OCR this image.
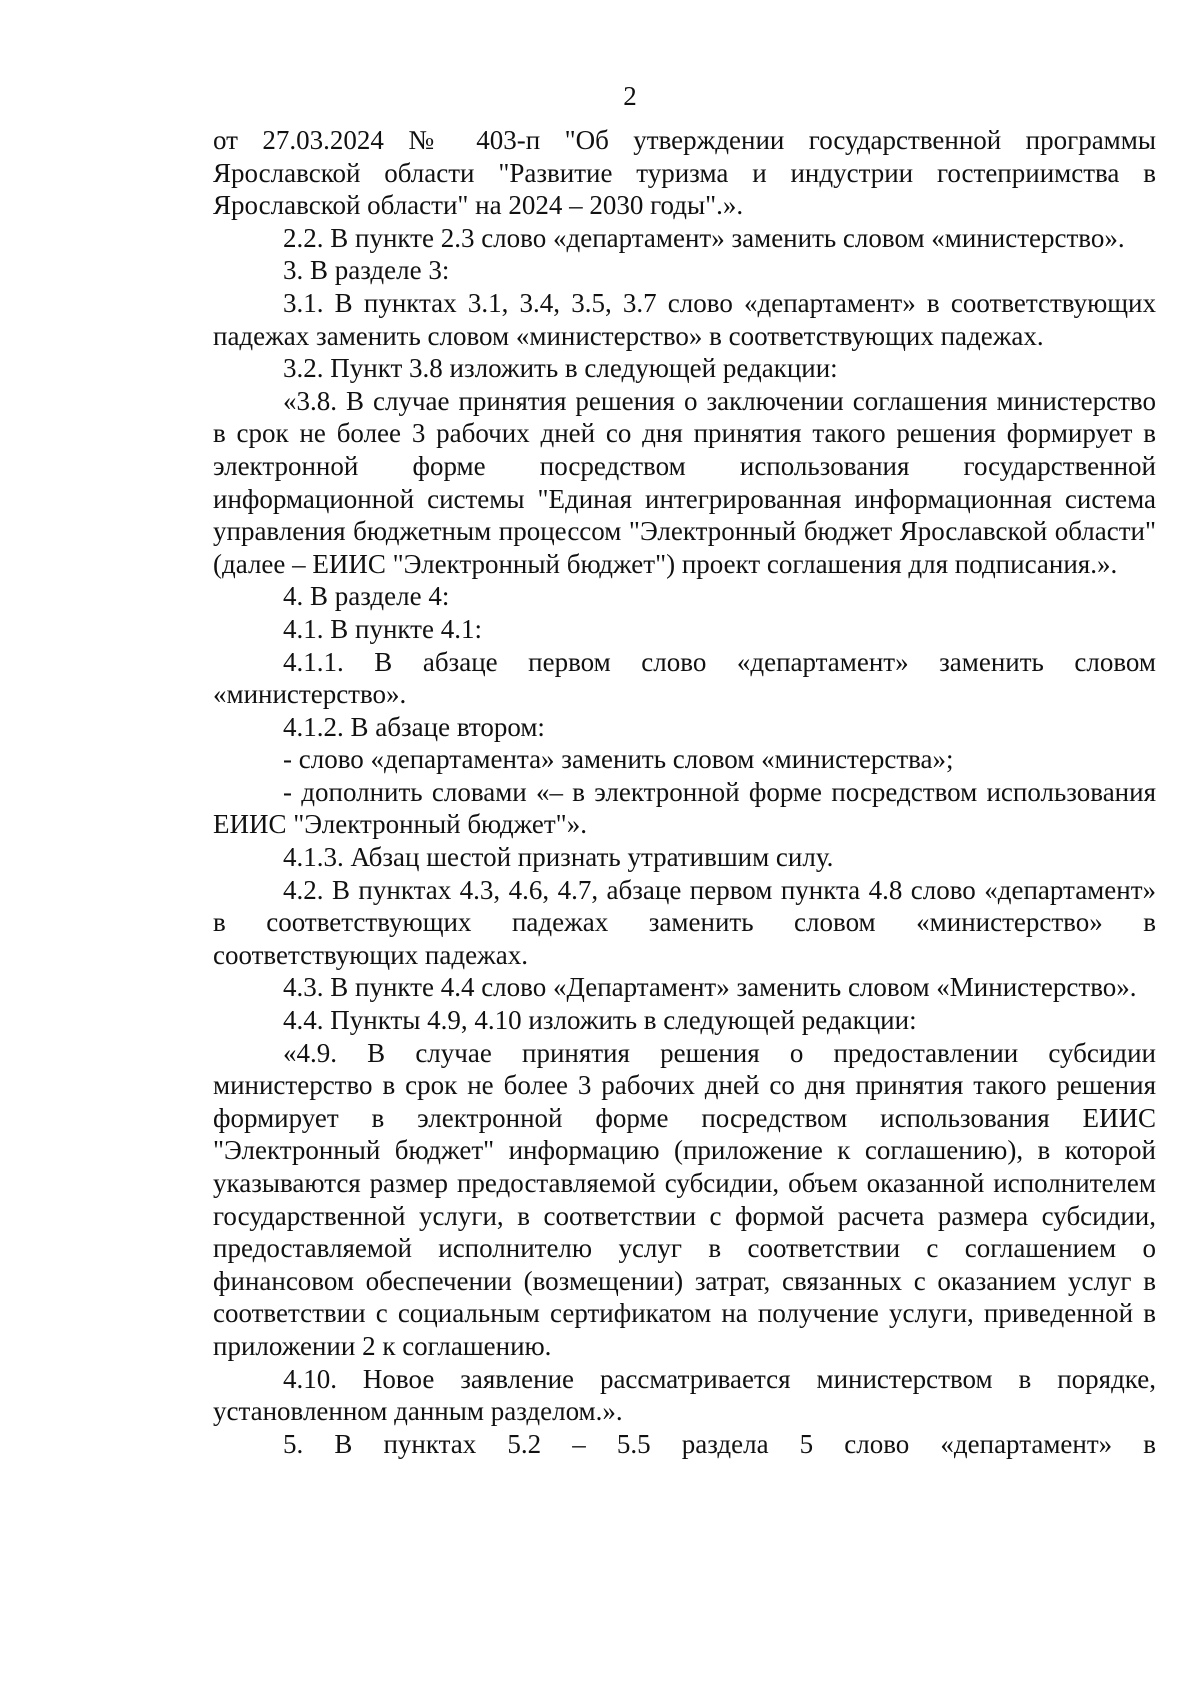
2

от 27.03.2024 № 403-п "Об утверждении государственной программы Ярославской области "Развитие туризма и индустрии гостеприимства в Ярославской области" на 2024 – 2030 годы".».

2.2. В пункте 2.3 слово «департамент» заменить словом «министерство».

3. В разделе 3:

3.1. В пунктах 3.1, 3.4, 3.5, 3.7 слово «департамент» в соответствующих падежах заменить словом «министерство» в соответствующих падежах.

3.2. Пункт 3.8 изложить в следующей редакции:

«3.8. В случае принятия решения о заключении соглашения министерство в срок не более 3 рабочих дней со дня принятия такого решения формирует в электронной форме посредством использования государственной информационной системы "Единая интегрированная информационная система управления бюджетным процессом "Электронный бюджет Ярославской области" (далее – ЕИИС "Электронный бюджет") проект соглашения для подписания.».

4. В разделе 4:

4.1. В пункте 4.1:

4.1.1. В абзаце первом слово «департамент» заменить словом «министерство».

4.1.2. В абзаце втором:

- слово «департамента» заменить словом «министерства»;

- дополнить словами «– в электронной форме посредством использования ЕИИС "Электронный бюджет"».

4.1.3. Абзац шестой признать утратившим силу.

4.2. В пунктах 4.3, 4.6, 4.7, абзаце первом пункта 4.8 слово «департамент» в соответствующих падежах заменить словом «министерство» в соответствующих падежах.

4.3. В пункте 4.4 слово «Департамент» заменить словом «Министерство».

4.4. Пункты 4.9, 4.10 изложить в следующей редакции:

«4.9. В случае принятия решения о предоставлении субсидии министерство в срок не более 3 рабочих дней со дня принятия такого решения формирует в электронной форме посредством использования ЕИИС "Электронный бюджет" информацию (приложение к соглашению), в которой указываются размер предоставляемой субсидии, объем оказанной исполнителем государственной услуги, в соответствии с формой расчета размера субсидии, предоставляемой исполнителю услуг в соответствии с соглашением о финансовом обеспечении (возмещении) затрат, связанных с оказанием услуг в соответствии с социальным сертификатом на получение услуги, приведенной в приложении 2 к соглашению.

4.10. Новое заявление рассматривается министерством в порядке, установленном данным разделом.».

5. В пунктах 5.2 – 5.5 раздела 5 слово «департамент» в
